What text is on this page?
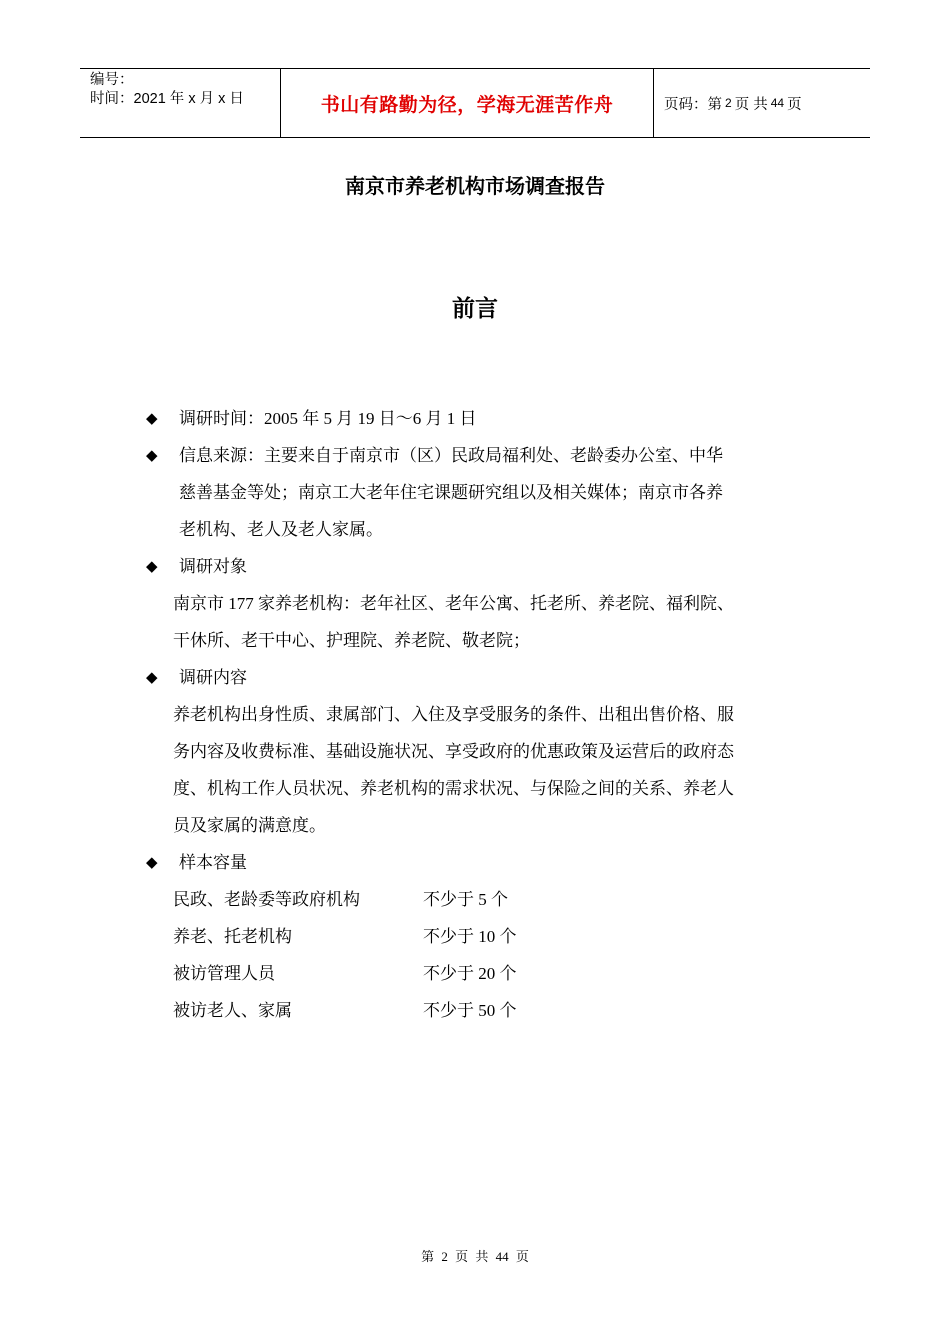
编号：
时间：2021 年 x 月 x 日	书山有路勤为径，学海无涯苦作舟	页码：第 2 页 共 44 页
南京市养老机构市场调查报告
前言
◆	调研时间：2005 年 5 月 19 日～6 月 1 日
◆	信息来源：主要来自于南京市（区）民政局福利处、老龄委办公室、中华
慈善基金等处；南京工大老年住宅课题研究组以及相关媒体；南京市各养
老机构、老人及老人家属。
◆	调研对象
南京市 177 家养老机构：老年社区、老年公寓、托老所、养老院、福利院、
干休所、老干中心、护理院、养老院、敬老院；
◆	调研内容
养老机构出身性质、隶属部门、入住及享受服务的条件、出租出售价格、服
务内容及收费标准、基础设施状况、享受政府的优惠政策及运营后的政府态
度、机构工作人员状况、养老机构的需求状况、与保险之间的关系、养老人
员及家属的满意度。
◆	样本容量
民政、老龄委等政府机构	不少于 5 个
养老、托老机构	不少于 10 个
被访管理人员	不少于 20 个
被访老人、家属	不少于 50 个
第 2 页 共 44 页
